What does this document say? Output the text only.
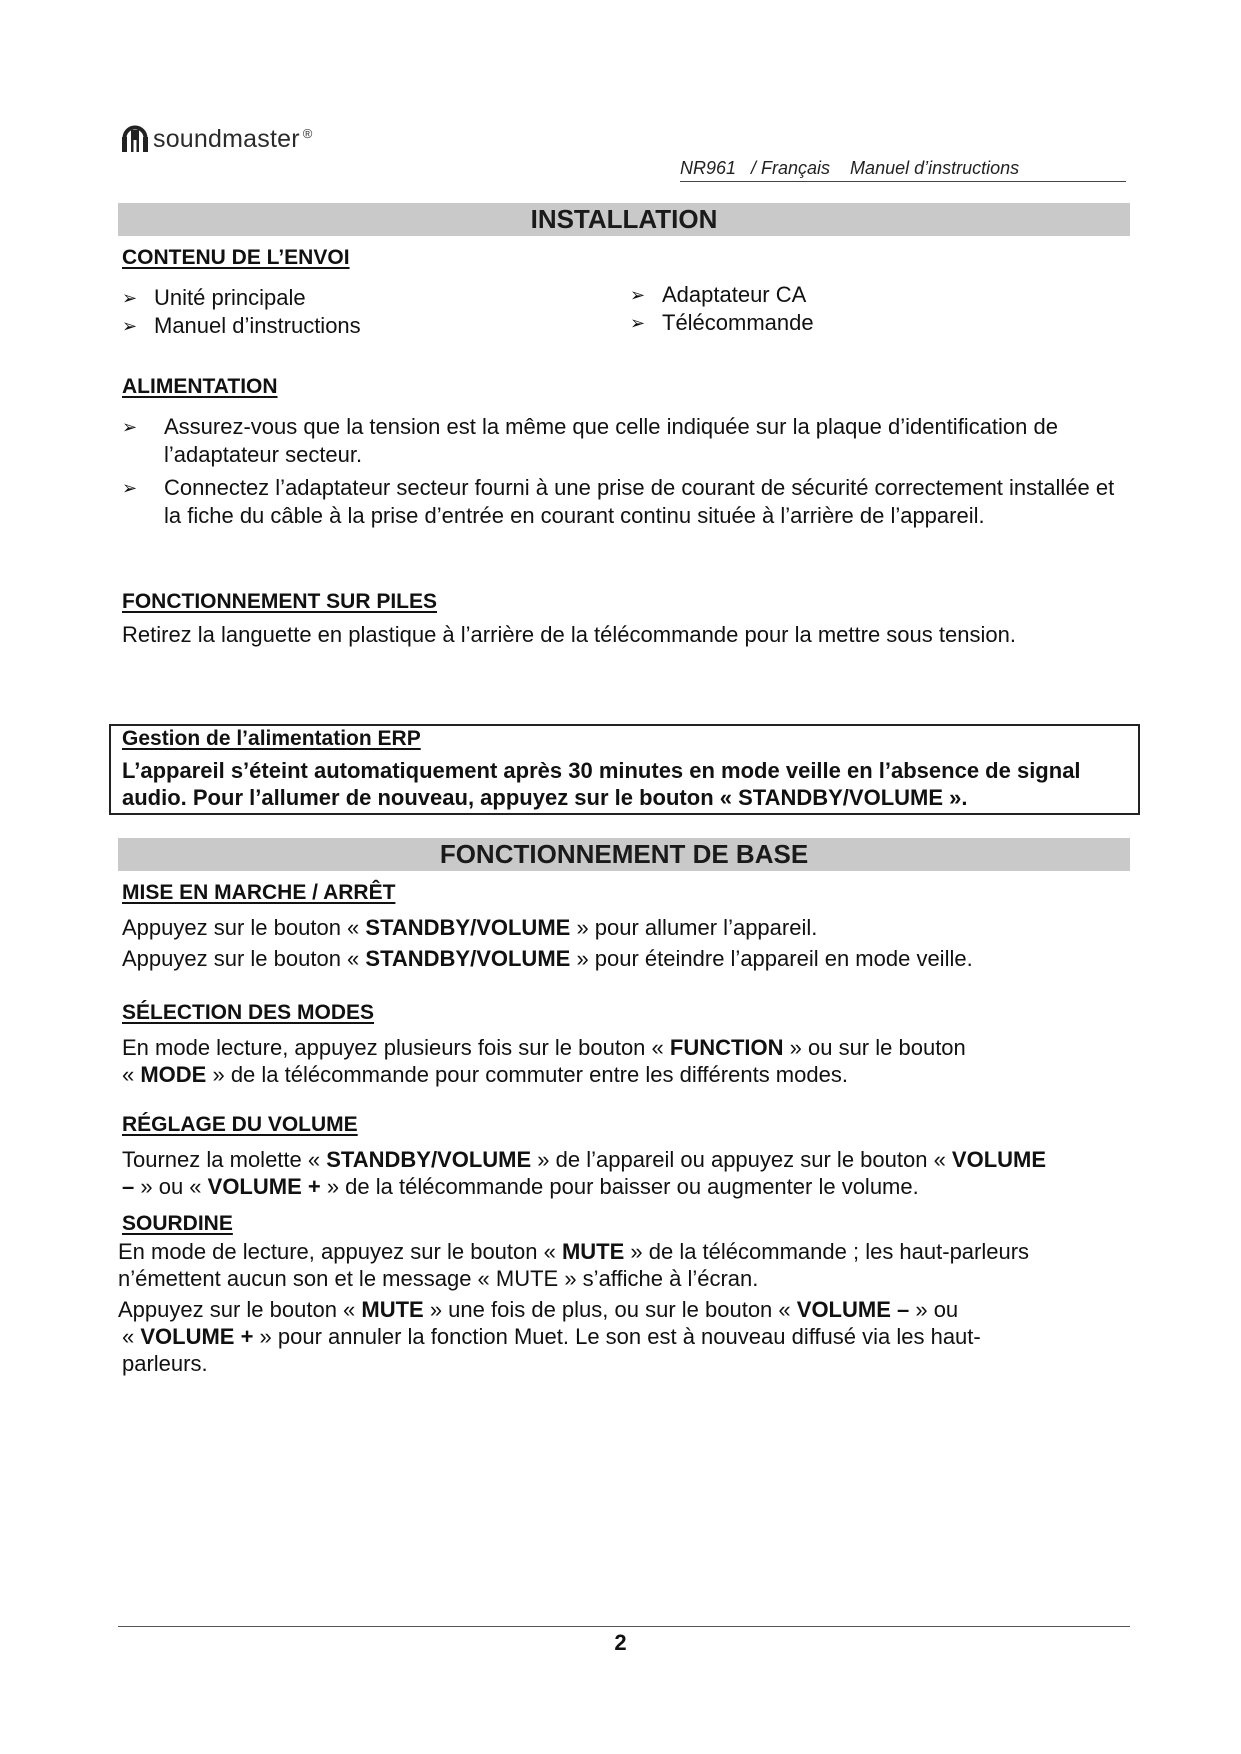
soundmaster ®
NR961   / Français    Manuel d’instructions
INSTALLATION
CONTENU DE L’ENVOI
➢ Unité principale
➢ Manuel d’instructions
➢ Adaptateur CA
➢ Télécommande
ALIMENTATION
➢	Assurez-vous que la tension est la même que celle indiquée sur la plaque d’identification de l’adaptateur secteur.
➢	Connectez l’adaptateur secteur fourni à une prise de courant de sécurité correctement installée et la fiche du câble à la prise d’entrée en courant continu située à l’arrière de l’appareil.
FONCTIONNEMENT SUR PILES
Retirez la languette en plastique à l’arrière de la télécommande pour la mettre sous tension.
Gestion de l’alimentation ERP
L’appareil s’éteint automatiquement après 30 minutes en mode veille en l’absence de signal audio. Pour l’allumer de nouveau, appuyez sur le bouton « STANDBY/VOLUME ».
FONCTIONNEMENT DE BASE
MISE EN MARCHE / ARRÊT
Appuyez sur le bouton « STANDBY/VOLUME » pour allumer l’appareil.
Appuyez sur le bouton « STANDBY/VOLUME » pour éteindre l’appareil en mode veille.
SÉLECTION DES MODES
En mode lecture, appuyez plusieurs fois sur le bouton « FUNCTION » ou sur le bouton
« MODE » de la télécommande pour commuter entre les différents modes.
RÉGLAGE DU VOLUME
Tournez la molette « STANDBY/VOLUME » de l’appareil ou appuyez sur le bouton « VOLUME
– » ou « VOLUME + » de la télécommande pour baisser ou augmenter le volume.
SOURDINE
En mode de lecture, appuyez sur le bouton « MUTE » de la télécommande ; les haut-parleurs
n’émettent aucun son et le message « MUTE » s’affiche à l’écran.
Appuyez sur le bouton « MUTE » une fois de plus, ou sur le bouton « VOLUME – » ou
« VOLUME + » pour annuler la fonction Muet. Le son est à nouveau diffusé via les haut-
parleurs.
2
